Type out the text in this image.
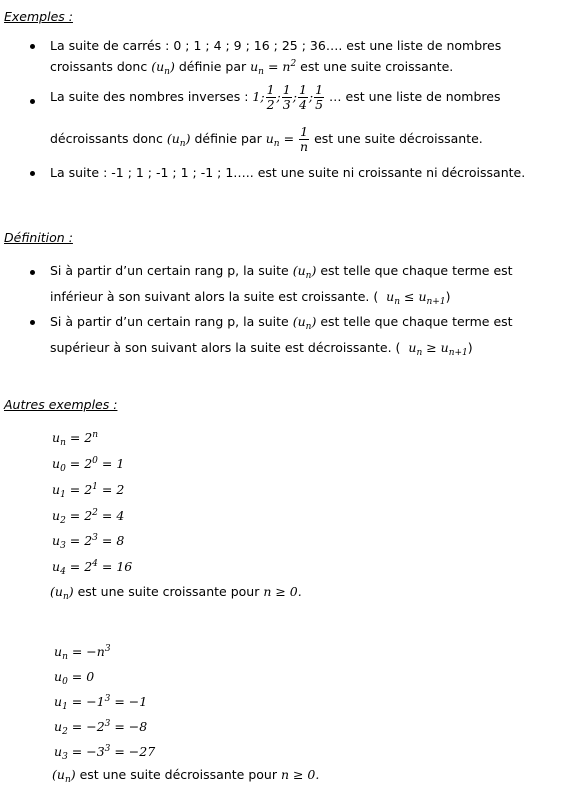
Exemples :
La suite de carrés : 0 ; 1 ; 4 ; 9 ; 16 ; 25 ; 36…. est une liste de nombres
croissants donc $(u_n)$ définie par $u_n = n^2$ est une suite croissante.
La suite des nombres inverses : 1; $\frac{1}{2}$ ; $\frac{1}{3}$ ; $\frac{1}{4}$ ; $\frac{1}{5}$ … est une liste de nombres
décroissants donc $(u_n)$ définie par $u_n = \frac{1}{n}$ est une suite décroissante.
La suite : -1 ; 1 ; -1 ; 1 ; -1 ; 1….. est une suite ni croissante ni décroissante.
Définition :
Si à partir d’un certain rang p, la suite $(u_n)$ est telle que chaque terme est
inférieur à son suivant alors la suite est croissante. (  $u_n \le u_{n+1}$)
Si à partir d’un certain rang p, la suite $(u_n)$ est telle que chaque terme est
supérieur à son suivant alors la suite est décroissante. (  $u_n \ge u_{n+1}$)
Autres exemples :
$u_n = 2^n$
$u_0 = 2^0 = 1$
$u_1 = 2^1 = 2$
$u_2 = 2^2 = 4$
$u_3 = 2^3 = 8$
$u_4 = 2^4 = 16$
$(u_n)$ est une suite croissante pour n ≥ 0.
$u_n = -n^3$
$u_0 = 0$
$u_1 = -1^3 = -1$
$u_2 = -2^3 = -8$
$u_3 = -3^3 = -27$
$(u_n)$ est une suite décroissante pour n ≥ 0.
